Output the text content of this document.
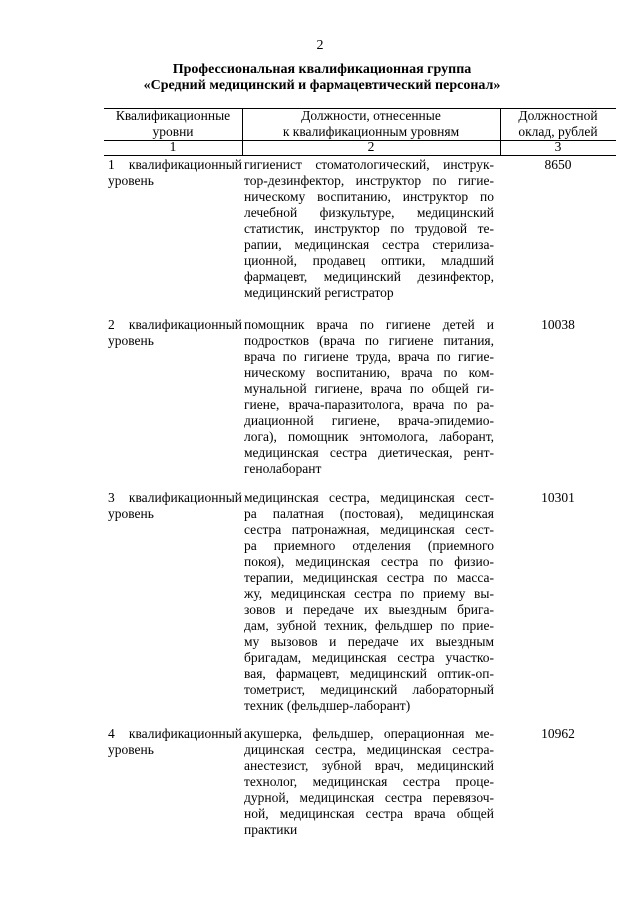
2
Профессиональная квалификационная группа
«Средний медицинский и фармацевтический персонал»
Квалификационные
уровни
1
Должности, отнесенные
к квалификационным уровням
2
Должностной
оклад, рублей
3
1 квалификационный
уровень
гигиенист стоматологический, инструк-
тор-дезинфектор, инструктор по гигие-
ническому воспитанию, инструктор по
лечебной физкультуре, медицинский
статистик, инструктор по трудовой те-
рапии, медицинская сестра стерилиза-
ционной, продавец оптики, младший
фармацевт, медицинский дезинфектор,
медицинский регистратор
8650
2 квалификационный
уровень
помощник врача по гигиене детей и
подростков (врача по гигиене питания,
врача по гигиене труда, врача по гигие-
ническому воспитанию, врача по ком-
мунальной гигиене, врача по общей ги-
гиене, врача-паразитолога, врача по ра-
диационной гигиене, врача-эпидемио-
лога), помощник энтомолога, лаборант,
медицинская сестра диетическая, рент-
генолаборант
10038
3 квалификационный
уровень
медицинская сестра, медицинская сест-
ра палатная (постовая), медицинская
сестра патронажная, медицинская сест-
ра приемного отделения (приемного
покоя), медицинская сестра по физио-
терапии, медицинская сестра по масса-
жу, медицинская сестра по приему вы-
зовов и передаче их выездным брига-
дам, зубной техник, фельдшер по прие-
му вызовов и передаче их выездным
бригадам, медицинская сестра участко-
вая, фармацевт, медицинский оптик-оп-
тометрист, медицинский лабораторный
техник (фельдшер-лаборант)
10301
4 квалификационный
уровень
акушерка, фельдшер, операционная ме-
дицинская сестра, медицинская сестра-
анестезист, зубной врач, медицинский
технолог, медицинская сестра проце-
дурной, медицинская сестра перевязоч-
ной, медицинская сестра врача общей
практики
10962
